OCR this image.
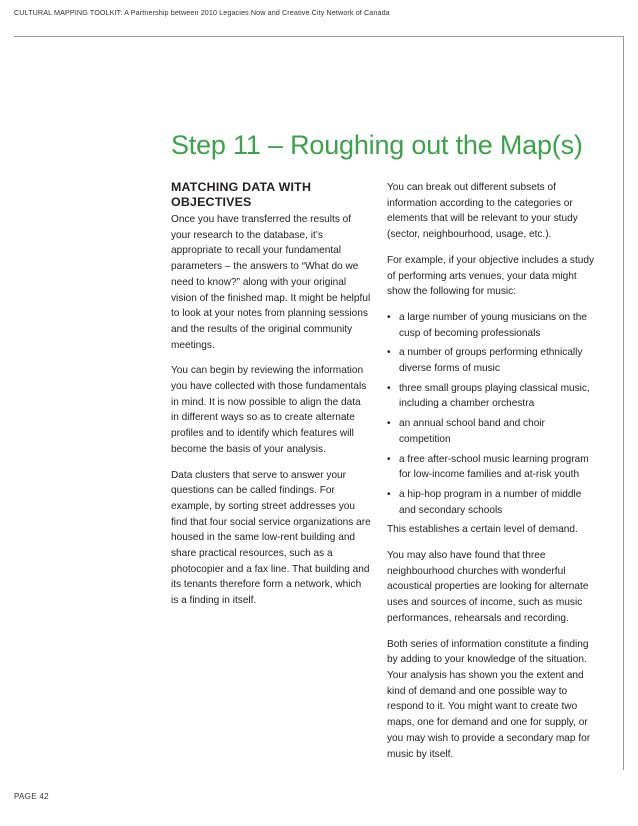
CULTURAL MAPPING TOOLKIT: A Partnership between 2010 Legacies Now and Creative City Network of Canada
Step 11 – Roughing out the Map(s)
MATCHING DATA WITH OBJECTIVES

Once you have transferred the results of your research to the database, it’s appropriate to recall your fundamental parameters – the answers to “What do we need to know?” along with your original vision of the finished map. It might be helpful to look at your notes from planning sessions and the results of the original community meetings.

You can begin by reviewing the information you have collected with those fundamentals in mind. It is now possible to align the data in different ways so as to create alternate profiles and to identify which features will become the basis of your analysis.

Data clusters that serve to answer your questions can be called findings. For example, by sorting street addresses you find that four social service organizations are housed in the same low-rent building and share practical resources, such as a photocopier and a fax line. That building and its tenants therefore form a network, which is a finding in itself.

You can break out different subsets of information according to the categories or elements that will be relevant to your study (sector, neighbourhood, usage, etc.).

For example, if your objective includes a study of performing arts venues, your data might show the following for music:

• a large number of young musicians on the cusp of becoming professionals
• a number of groups performing ethnically diverse forms of music
• three small groups playing classical music, including a chamber orchestra
• an annual school band and choir competition
• a free after-school music learning program for low-income families and at-risk youth
• a hip-hop program in a number of middle and secondary schools

This establishes a certain level of demand.

You may also have found that three neighbourhood churches with wonderful acoustical properties are looking for alternate uses and sources of income, such as music performances, rehearsals and recording.

Both series of information constitute a finding by adding to your knowledge of the situation. Your analysis has shown you the extent and kind of demand and one possible way to respond to it. You might want to create two maps, one for demand and one for supply, or you may wish to provide a secondary map for music by itself.

PAGE 42
